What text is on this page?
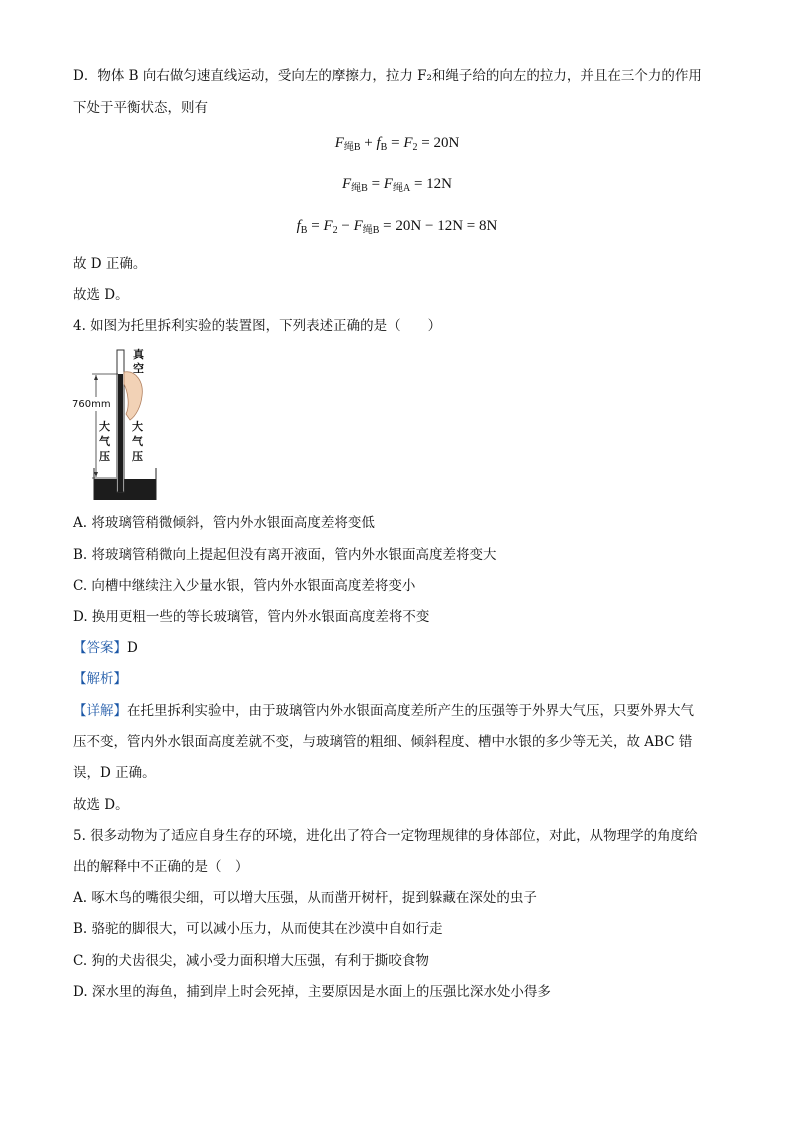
D．物体 B 向右做匀速直线运动，受向左的摩擦力，拉力 F₂和绳子给的向左的拉力，并且在三个力的作用
下处于平衡状态，则有
$F_{绳B} + f_B = F_2 = 20N$
$F_{绳B} = F_{绳A} = 12N$
$f_B = F_2 - F_{绳B} = 20N - 12N = 8N$
故 D 正确。
故选 D。
4. 如图为托里拆利实验的装置图，下列表述正确的是（　　）
760mm
真
空
大
气
压
大
气
压
A. 将玻璃管稍微倾斜，管内外水银面高度差将变低
B. 将玻璃管稍微向上提起但没有离开液面，管内外水银面高度差将变大
C. 向槽中继续注入少量水银，管内外水银面高度差将变小
D. 换用更粗一些的等长玻璃管，管内外水银面高度差将不变
【答案】D
【解析】
【详解】在托里拆利实验中，由于玻璃管内外水银面高度差所产生的压强等于外界大气压，只要外界大气
压不变，管内外水银面高度差就不变，与玻璃管的粗细、倾斜程度、槽中水银的多少等无关，故 ABC 错
误，D 正确。
故选 D。
5. 很多动物为了适应自身生存的环境，进化出了符合一定物理规律的身体部位，对此，从物理学的角度给
出的解释中不正确的是（　）
A. 啄木鸟的嘴很尖细，可以增大压强，从而凿开树杆，捉到躲藏在深处的虫子
B. 骆驼的脚很大，可以减小压力，从而使其在沙漠中自如行走
C. 狗的犬齿很尖，减小受力面积增大压强，有利于撕咬食物
D. 深水里的海鱼，捕到岸上时会死掉，主要原因是水面上的压强比深水处小得多
